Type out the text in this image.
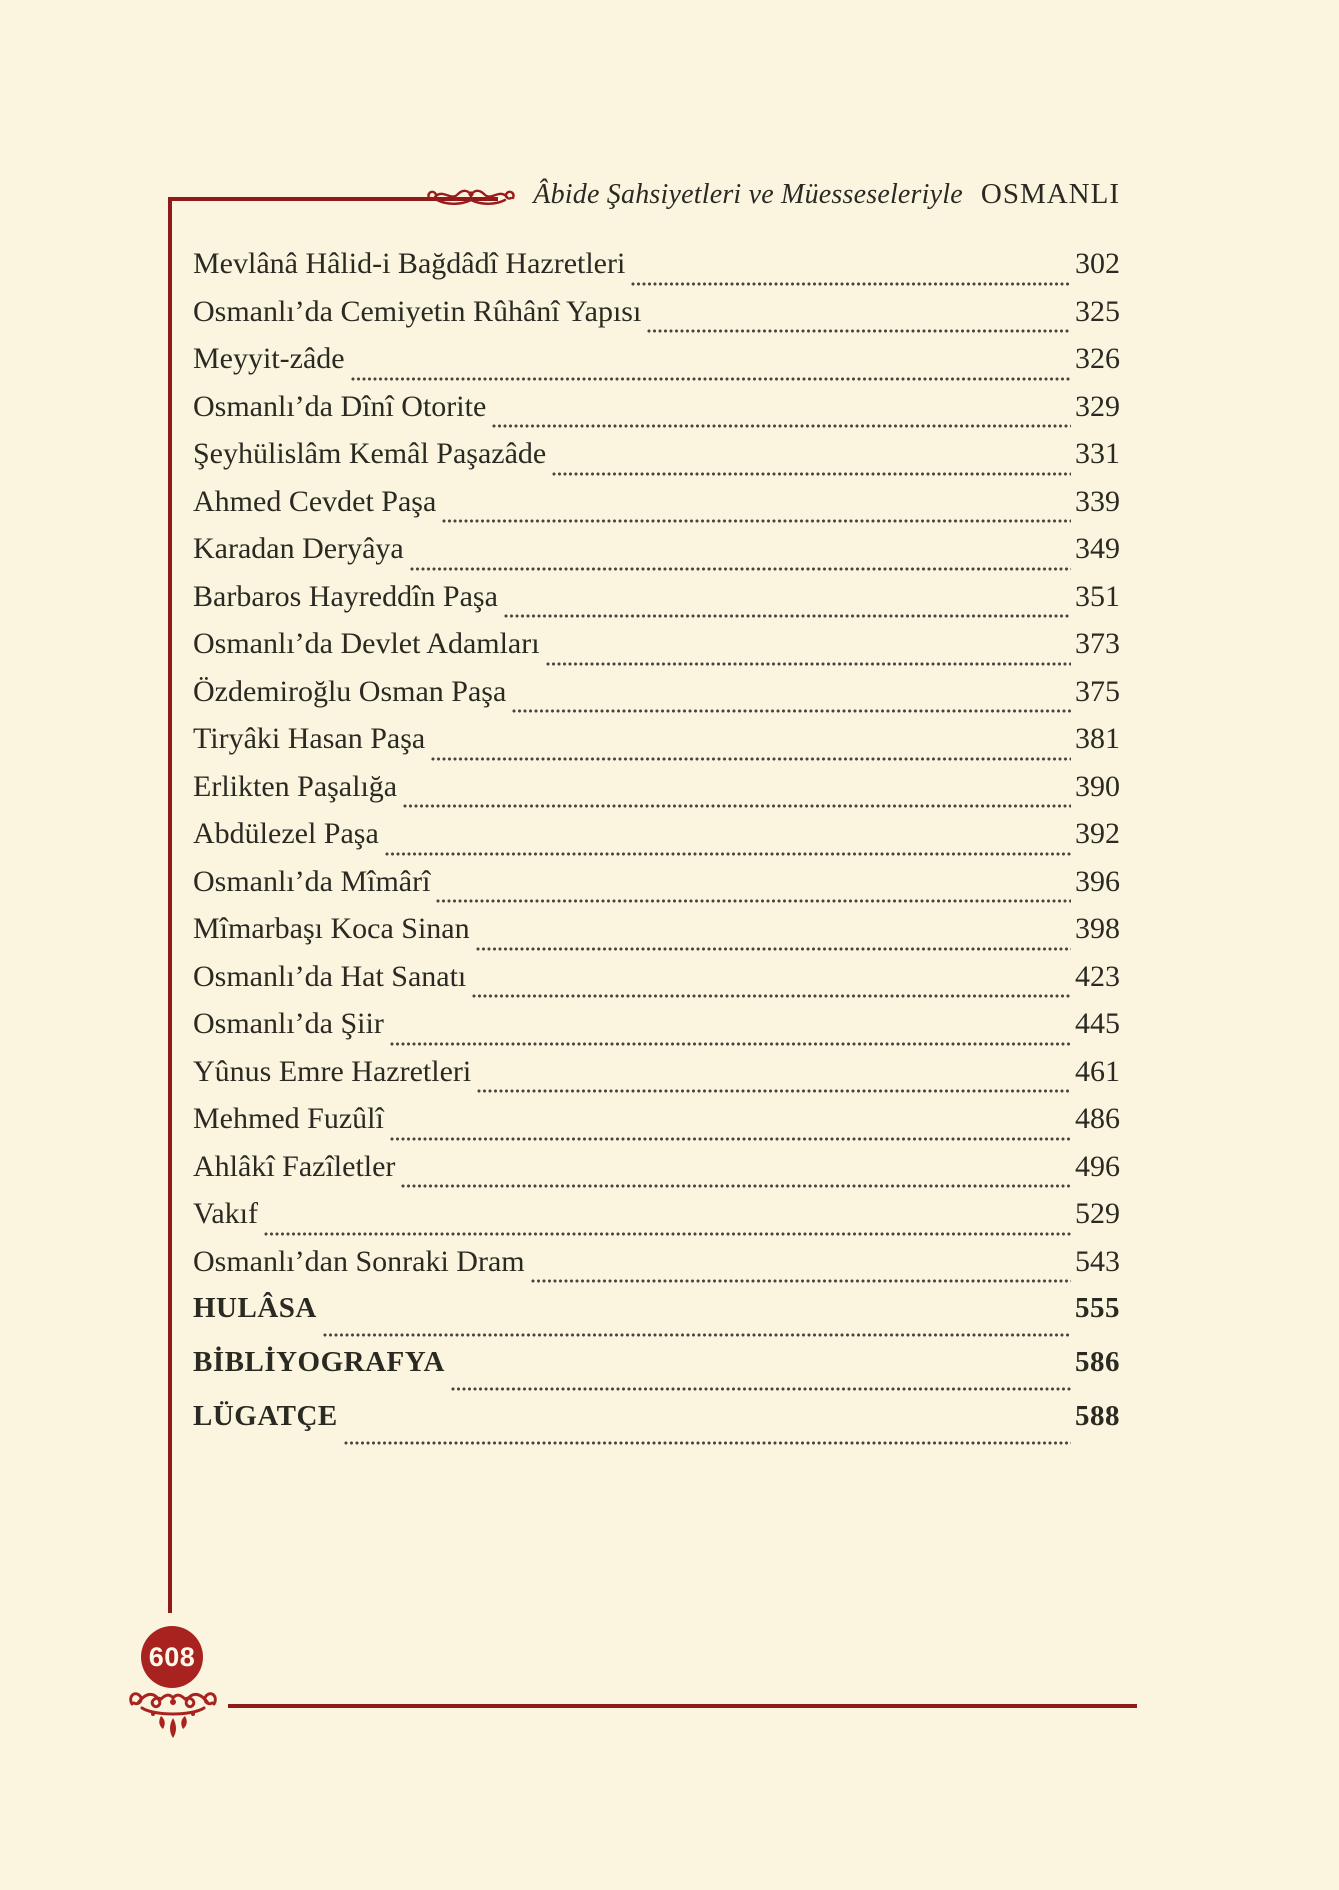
Âbide Şahsiyetleri ve Müesseseleriyle OSMANLI
Mevlânâ Hâlid-i Bağdâdî Hazretleri	302
Osmanlı’da Cemiyetin Rûhânî Yapısı	325
Meyyit-zâde	326
Osmanlı’da Dînî Otorite	329
Şeyhülislâm Kemâl Paşazâde	331
Ahmed Cevdet Paşa	339
Karadan Deryâya	349
Barbaros Hayreddîn Paşa	351
Osmanlı’da Devlet Adamları	373
Özdemiroğlu Osman Paşa	375
Tiryâki Hasan Paşa	381
Erlikten Paşalığa	390
Abdülezel Paşa	392
Osmanlı’da Mîmârî	396
Mîmarbaşı Koca Sinan	398
Osmanlı’da Hat Sanatı	423
Osmanlı’da Şiir	445
Yûnus Emre Hazretleri	461
Mehmed Fuzûlî	486
Ahlâkî Fazîletler	496
Vakıf	529
Osmanlı’dan Sonraki Dram	543
HULÂSA	555
BİBLİYOGRAFYA	586
LÜGATÇE	588
608
